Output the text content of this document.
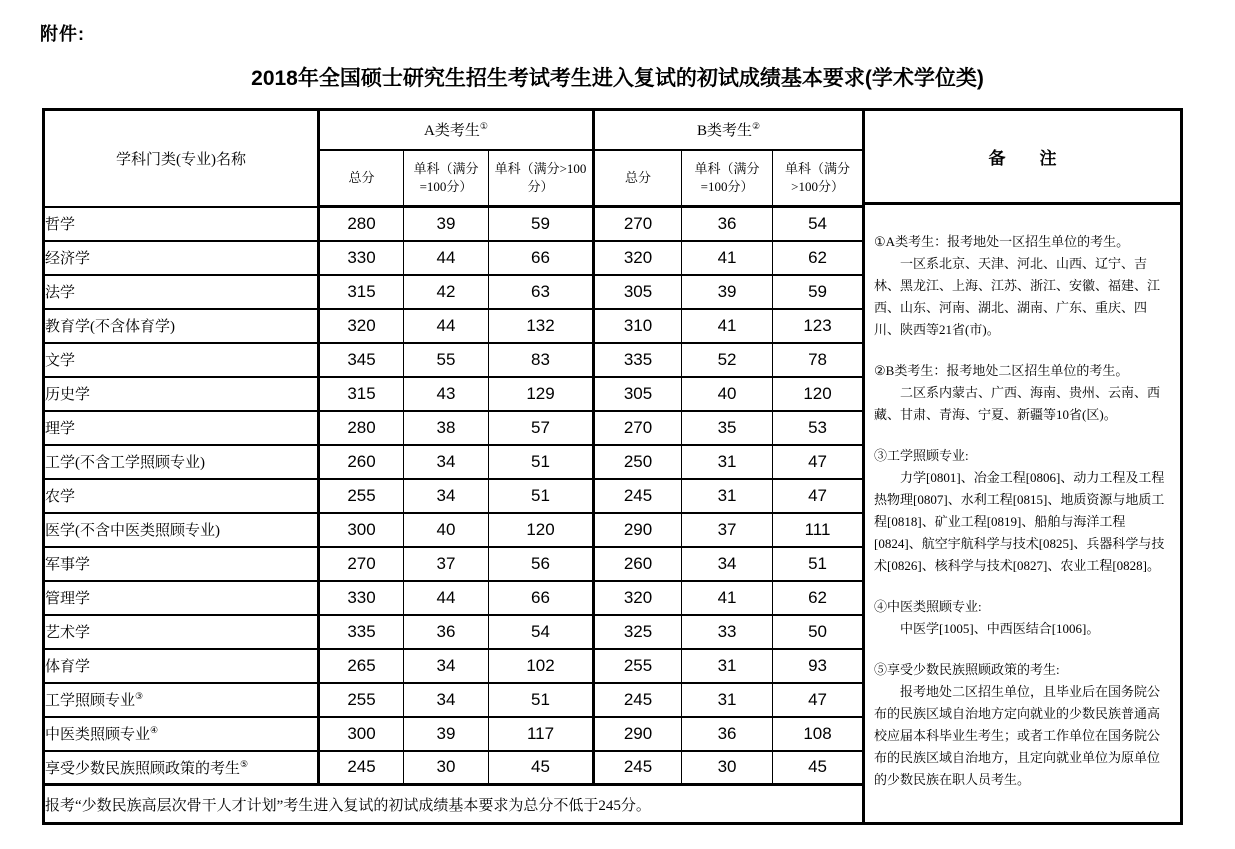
附件:
2018年全国硕士研究生招生考试考生进入复试的初试成绩基本要求(学术学位类)
学科门类(专业)名称	A类考生①			B类考生②
	总分	单科（满分=100分）	单科（满分>100分）	总分	单科（满分=100分）	单科（满分>100分）
哲学	280	39	59	270	36	54
经济学	330	44	66	320	41	62
法学	315	42	63	305	39	59
教育学(不含体育学)	320	44	132	310	41	123
文学	345	55	83	335	52	78
历史学	315	43	129	305	40	120
理学	280	38	57	270	35	53
工学(不含工学照顾专业)	260	34	51	250	31	47
农学	255	34	51	245	31	47
医学(不含中医类照顾专业)	300	40	120	290	37	111
军事学	270	37	56	260	34	51
管理学	330	44	66	320	41	62
艺术学	335	36	54	325	33	50
体育学	265	34	102	255	31	93
工学照顾专业③	255	34	51	245	31	47
中医类照顾专业④	300	39	117	290	36	108
享受少数民族照顾政策的考生⑤	245	30	45	245	30	45
报考“少数民族高层次骨干人才计划”考生进入复试的初试成绩基本要求为总分不低于245分。						
备　　注

①A类考生：报考地处一区招生单位的考生。

一区系北京、天津、河北、山西、辽宁、吉林、黑龙江、上海、江苏、浙江、安徽、福建、江西、山东、河南、湖北、湖南、广东、重庆、四川、陕西等21省(市)。

②B类考生：报考地处二区招生单位的考生。

二区系内蒙古、广西、海南、贵州、云南、西藏、甘肃、青海、宁夏、新疆等10省(区)。

③工学照顾专业:

力学[0801]、冶金工程[0806]、动力工程及工程热物理[0807]、水利工程[0815]、地质资源与地质工程[0818]、矿业工程[0819]、船舶与海洋工程[0824]、航空宇航科学与技术[0825]、兵器科学与技术[0826]、核科学与技术[0827]、农业工程[0828]。

④中医类照顾专业:

中医学[1005]、中西医结合[1006]。

⑤享受少数民族照顾政策的考生:

报考地处二区招生单位，且毕业后在国务院公布的民族区域自治地方定向就业的少数民族普通高校应届本科毕业生考生；或者工作单位在国务院公布的民族区域自治地方，且定向就业单位为原单位的少数民族在职人员考生。
